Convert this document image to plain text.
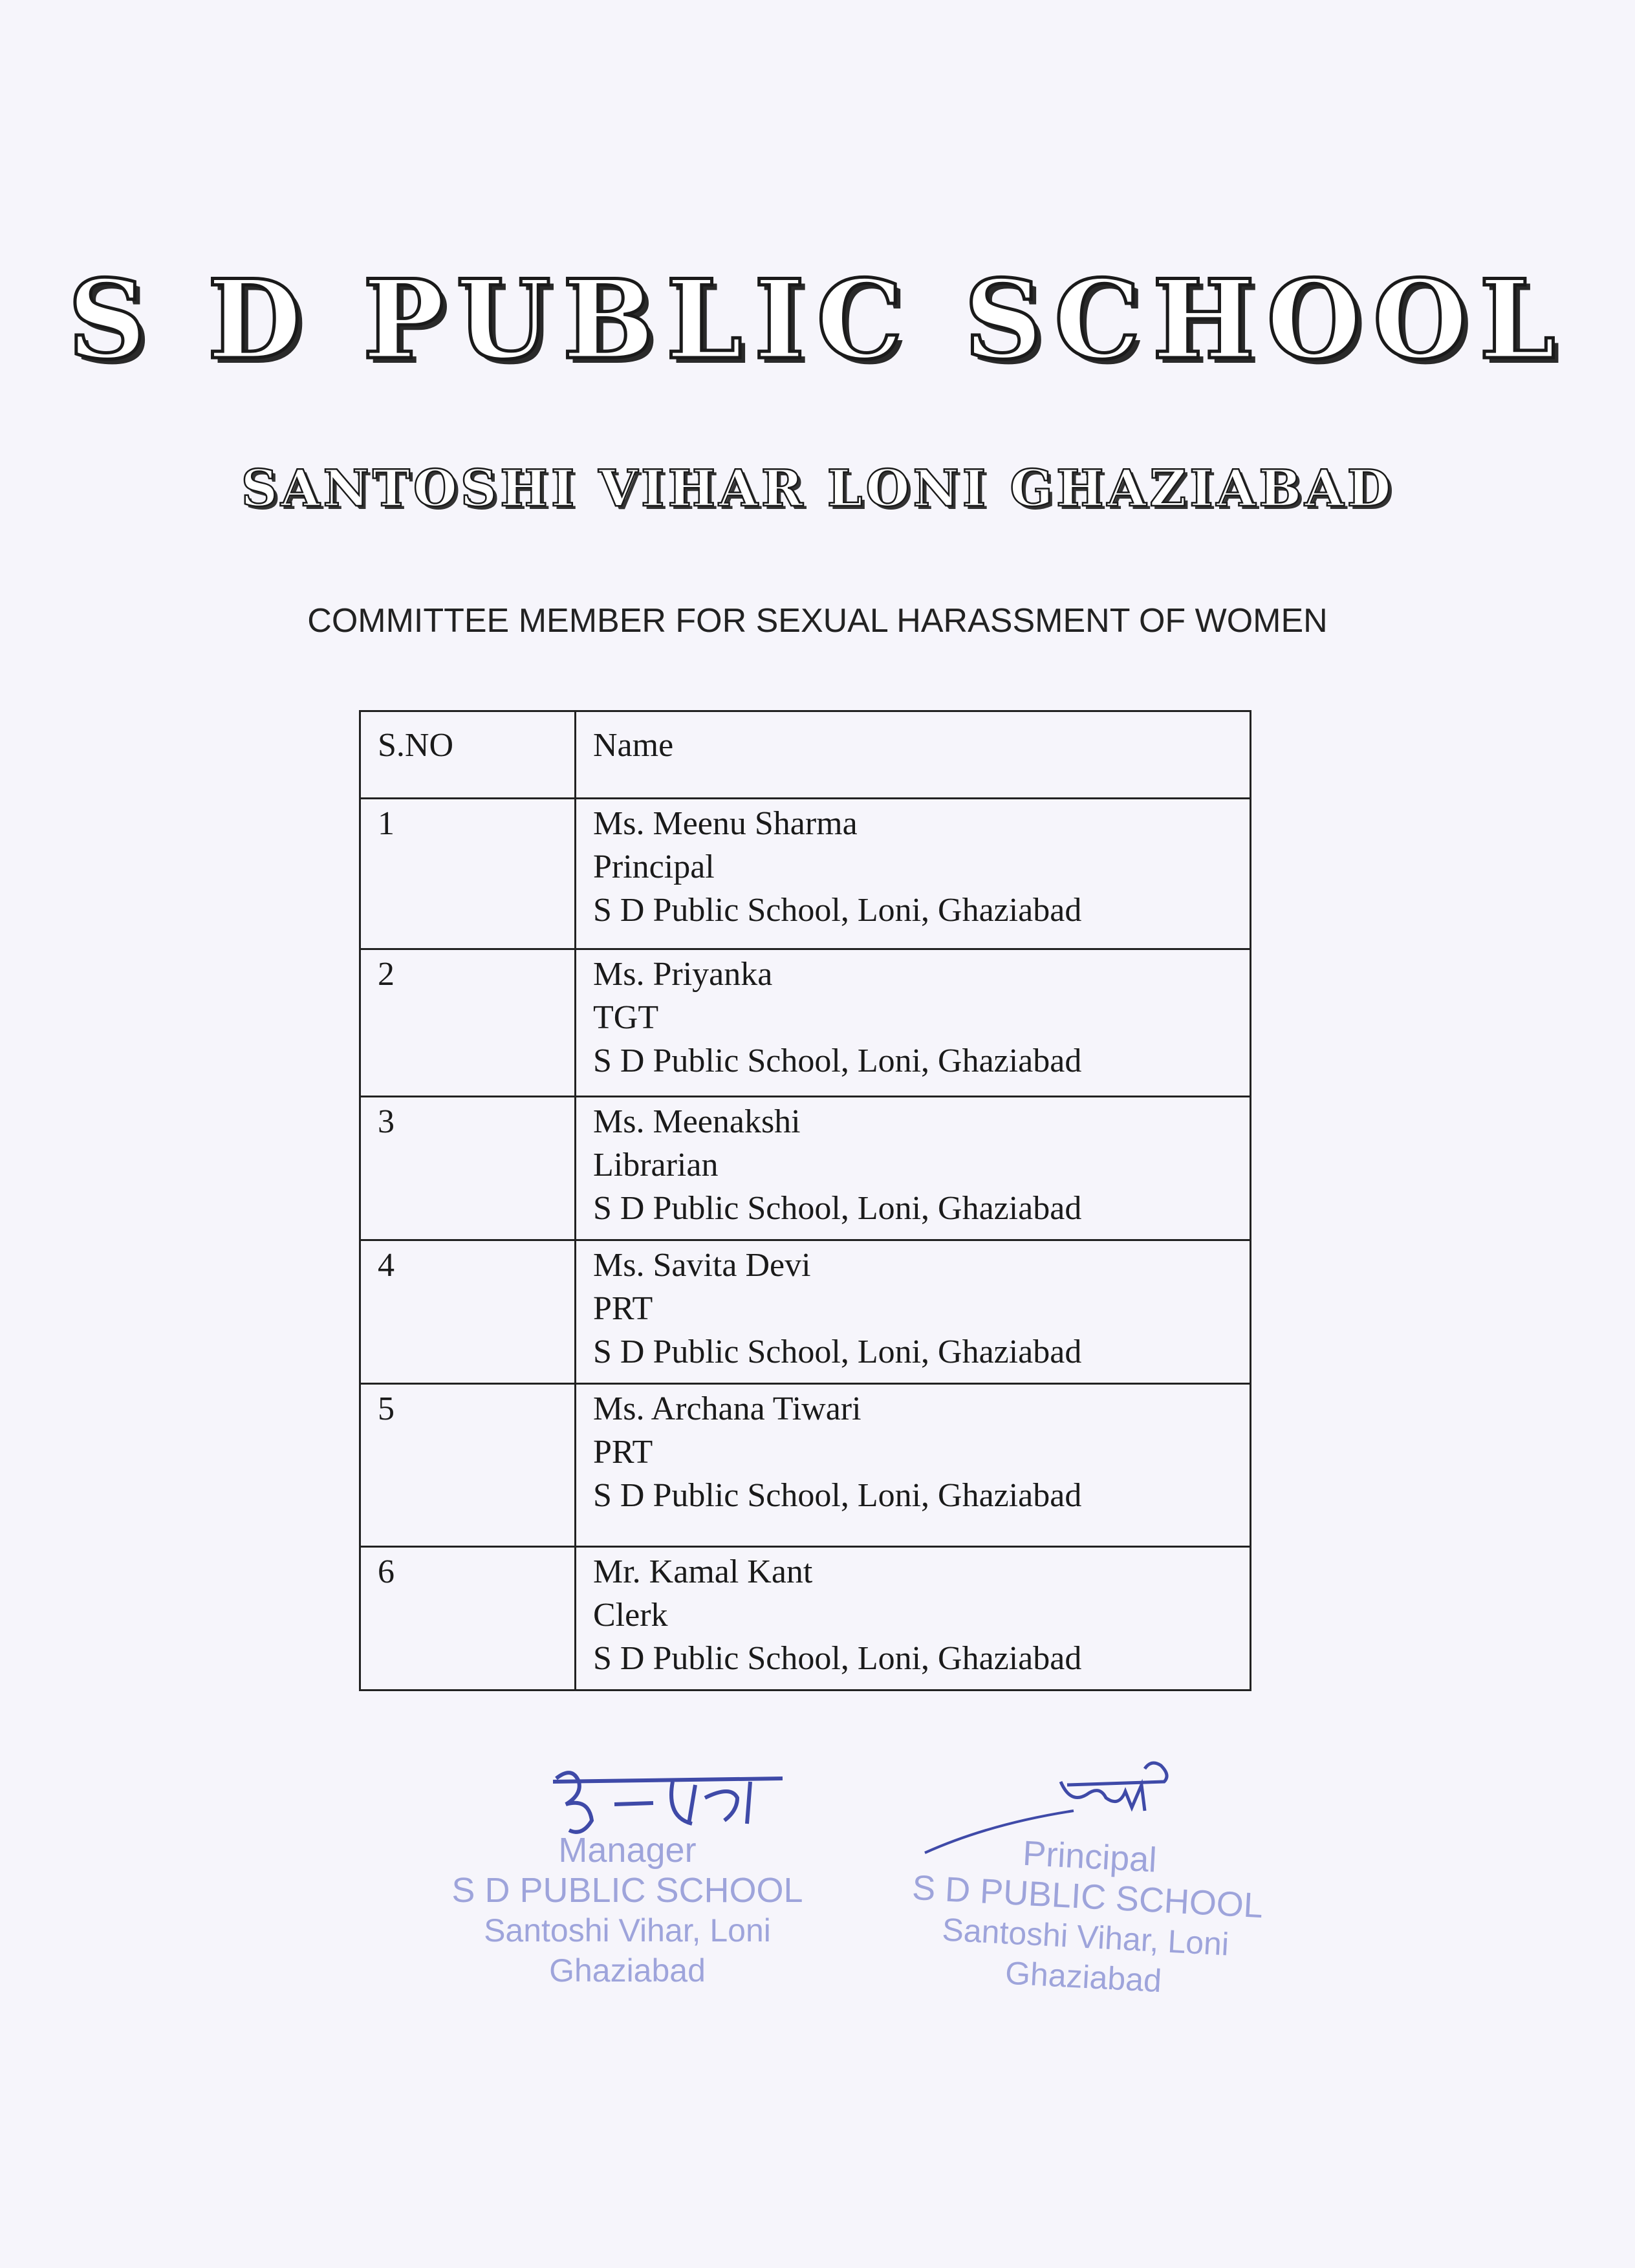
S D PUBLIC SCHOOL
SANTOSHI VIHAR LONI GHAZIABAD
COMMITTEE MEMBER FOR SEXUAL HARASSMENT OF WOMEN
S.NO	Name
1	Ms. Meenu Sharma
Principal
S D Public School, Loni, Ghaziabad

2	Ms. Priyanka
TGT
S D Public School, Loni, Ghaziabad

3	Ms. Meenakshi
Librarian
S D Public School, Loni, Ghaziabad

4	Ms. Savita Devi
PRT
S D Public School, Loni, Ghaziabad

5	Ms. Archana Tiwari
PRT
S D Public School, Loni, Ghaziabad

6	Mr. Kamal Kant
Clerk
S D Public School, Loni, Ghaziabad
Manager
S D PUBLIC SCHOOL
Santoshi Vihar, Loni
Ghaziabad
Principal
S D PUBLIC SCHOOL
Santoshi Vihar, Loni
Ghaziabad
